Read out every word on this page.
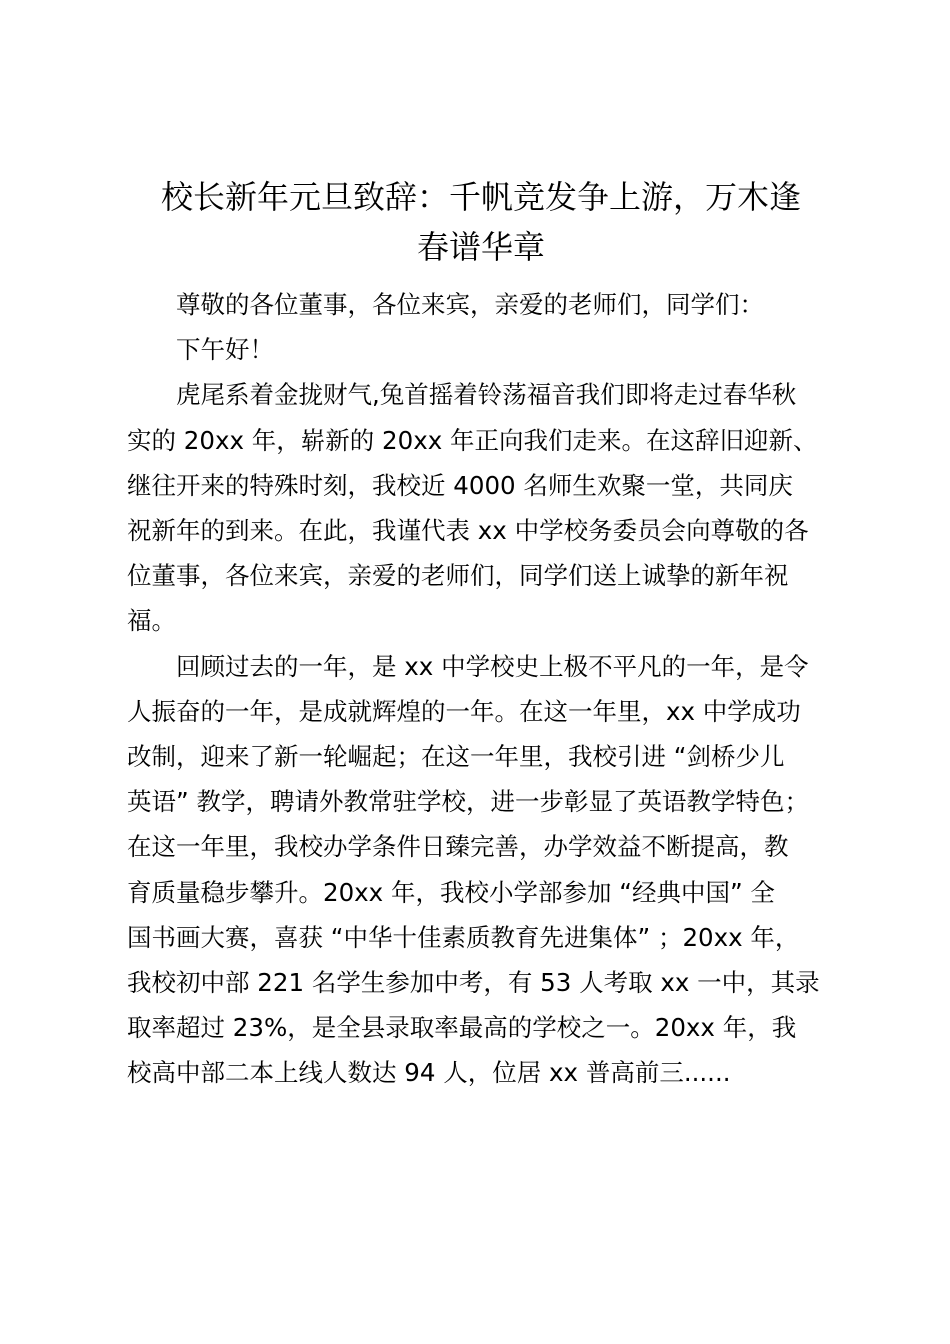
校长新年元旦致辞：千帆竞发争上游，万木逢
春谱华章

尊敬的各位董事，各位来宾，亲爱的老师们，同学们：

下午好！

虎尾系着金拢财气,兔首摇着铃荡福音我们即将走过春华秋
实的 20xx 年，崭新的 20xx 年正向我们走来。在这辞旧迎新、
继往开来的特殊时刻，我校近 4000 名师生欢聚一堂，共同庆
祝新年的到来。在此，我谨代表 xx 中学校务委员会向尊敬的各
位董事，各位来宾，亲爱的老师们，同学们送上诚挚的新年祝
福。

回顾过去的一年，是 xx 中学校史上极不平凡的一年，是令
人振奋的一年，是成就辉煌的一年。在这一年里，xx 中学成功
改制，迎来了新一轮崛起；在这一年里，我校引进 “剑桥少儿
英语” 教学，聘请外教常驻学校，进一步彰显了英语教学特色；
在这一年里，我校办学条件日臻完善，办学效益不断提高，教
育质量稳步攀升。20xx 年，我校小学部参加 “经典中国” 全
国书画大赛，喜获 “中华十佳素质教育先进集体” ；20xx 年，
我校初中部 221 名学生参加中考，有 53 人考取 xx 一中，其录
取率超过 23%，是全县录取率最高的学校之一。20xx 年，我
校高中部二本上线人数达 94 人，位居 xx 普高前三......
